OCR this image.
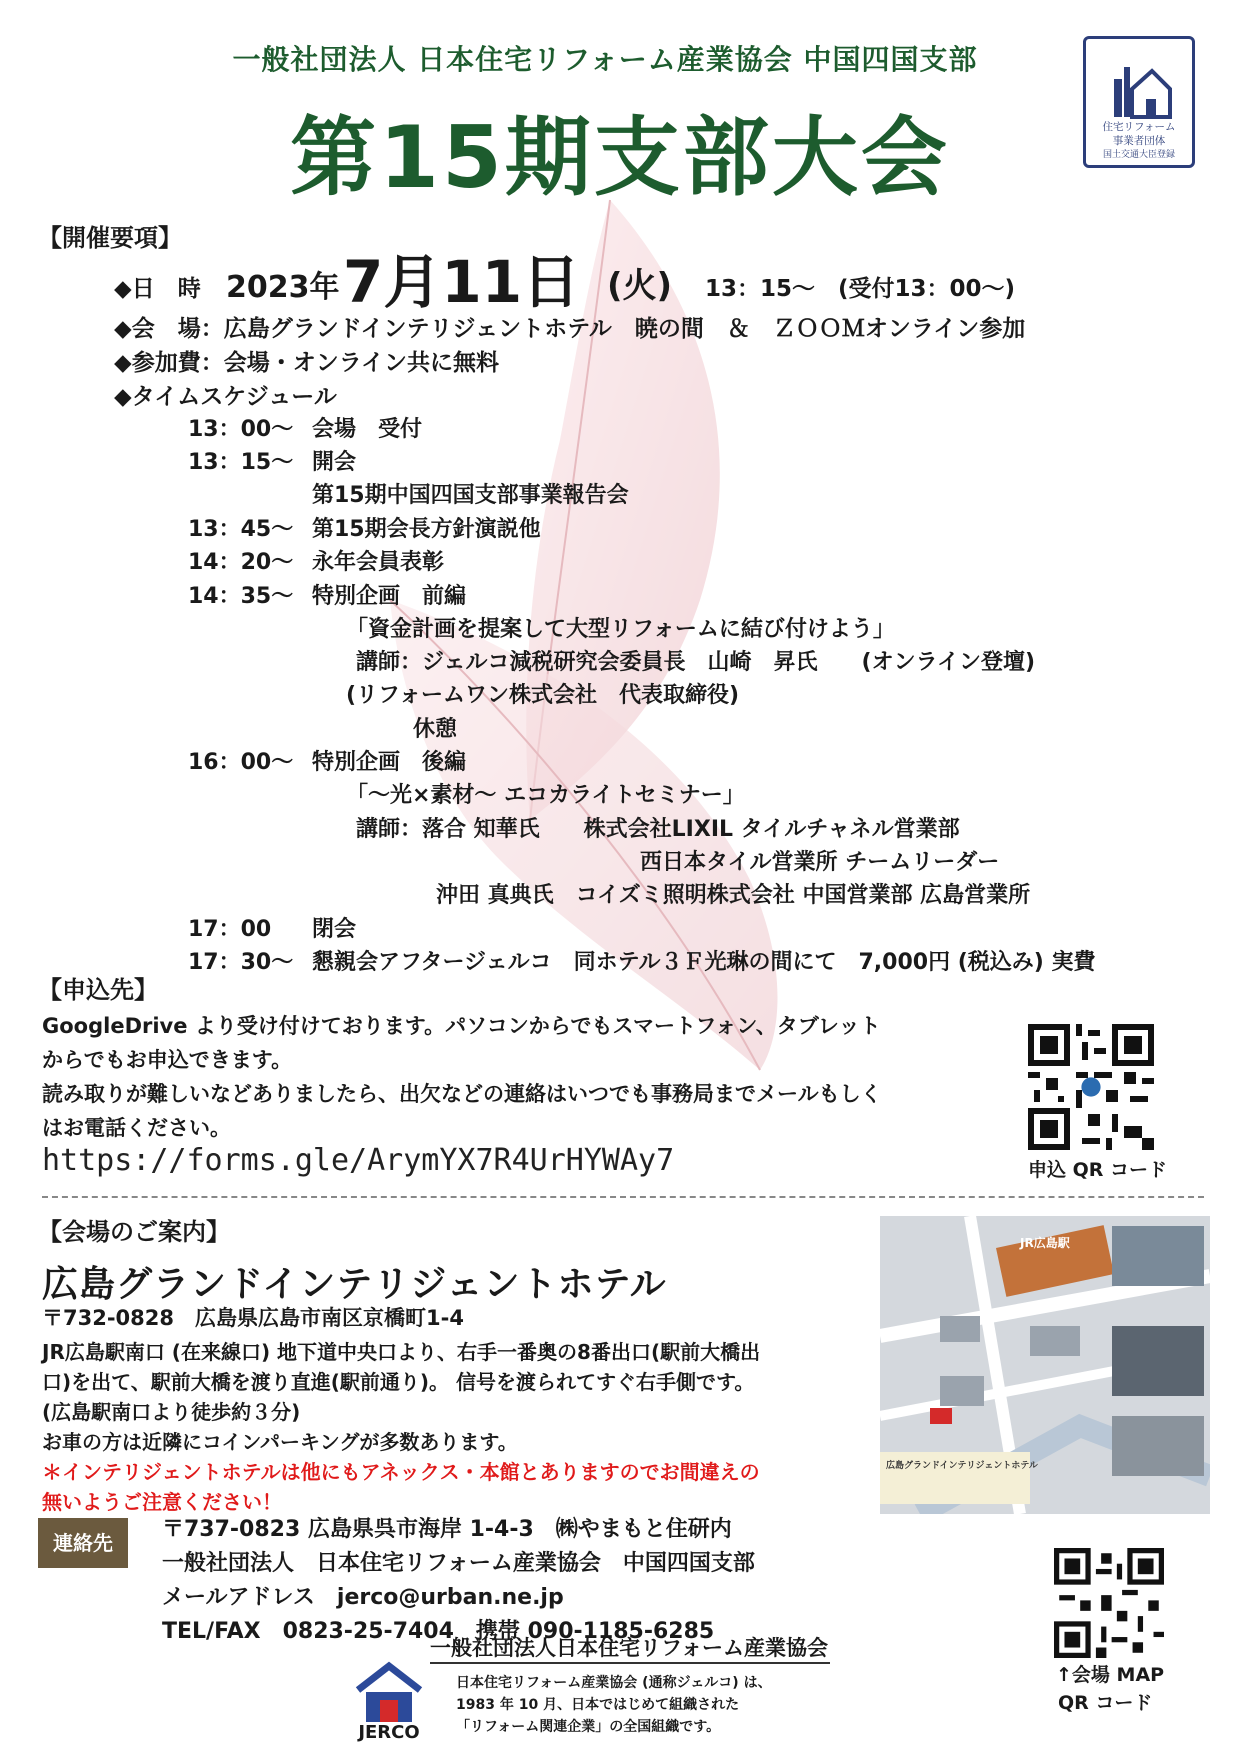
一般社団法人 日本住宅リフォーム産業協会 中国四国支部
第15期支部大会	住宅リフォーム
事業者団体
国土交通大臣登録
【開催要項】
◆日　時 2023年 7月11日 (火) 13：15～　(受付13：00～)
◆会　場：広島グランドインテリジェントホテル　暁の間　＆　ＺＯＯＭオンライン参加
◆参加費：会場・オンライン共に無料
◆タイムスケジュール
13：00～ 会場　受付
13：15～ 開会
第15期中国四国支部事業報告会
13：45～ 第15期会長方針演説他
14：20～ 永年会員表彰
14：35～ 特別企画　前編
「資金計画を提案して大型リフォームに結び付けよう」
講師：ジェルコ減税研究会委員長　山崎　昇氏　　(オンライン登壇)
(リフォームワン株式会社　代表取締役)
休憩
16：00～ 特別企画　後編
「～光×素材～ エコカライトセミナー」
講師：落合 知華氏　　株式会社LIXIL タイルチャネル営業部
西日本タイル営業所 チームリーダー
沖田 真典氏　コイズミ照明株式会社 中国営業部 広島営業所
17：00 閉会
17：30～ 懇親会アフタージェルコ　同ホテル３Ｆ光琳の間にて　7,000円 (税込み) 実費
【申込先】
GoogleDrive より受け付けております。パソコンからでもスマートフォン、タブレット
からでもお申込できます。
読み取りが難しいなどありましたら、出欠などの連絡はいつでも事務局までメールもしく
はお電話ください。
https://forms.gle/ArymYX7R4UrHYWAy7	申込 QR コード
【会場のご案内】
広島グランドインテリジェントホテル
〒732-0828　広島県広島市南区京橋町1-4
JR広島駅南口 (在来線口) 地下道中央口より、右手一番奥の8番出口(駅前大橋出
口)を出て、駅前大橋を渡り直進(駅前通り)。 信号を渡られてすぐ右手側です。
(広島駅南口より徒歩約３分)
お車の方は近隣にコインパーキングが多数あります。
＊インテリジェントホテルは他にもアネックス・本館とありますのでお間違えの
無いようご注意ください！
JR広島駅
広島グランドインテリジェントホテル
連絡先
〒737-0823 広島県呉市海岸 1-4-3　㈱やまもと住研内
一般社団法人　日本住宅リフォーム産業協会　中国四国支部
メールアドレス　jerco@urban.ne.jp
TEL/FAX　0823-25-7404　携帯 090-1185-6285
↑会場 MAP
QR コード
JERCO
一般社団法人日本住宅リフォーム産業協会
日本住宅リフォーム産業協会 (通称ジェルコ) は、
1983 年 10 月、日本ではじめて組織された
「リフォーム関連企業」の全国組織です。
